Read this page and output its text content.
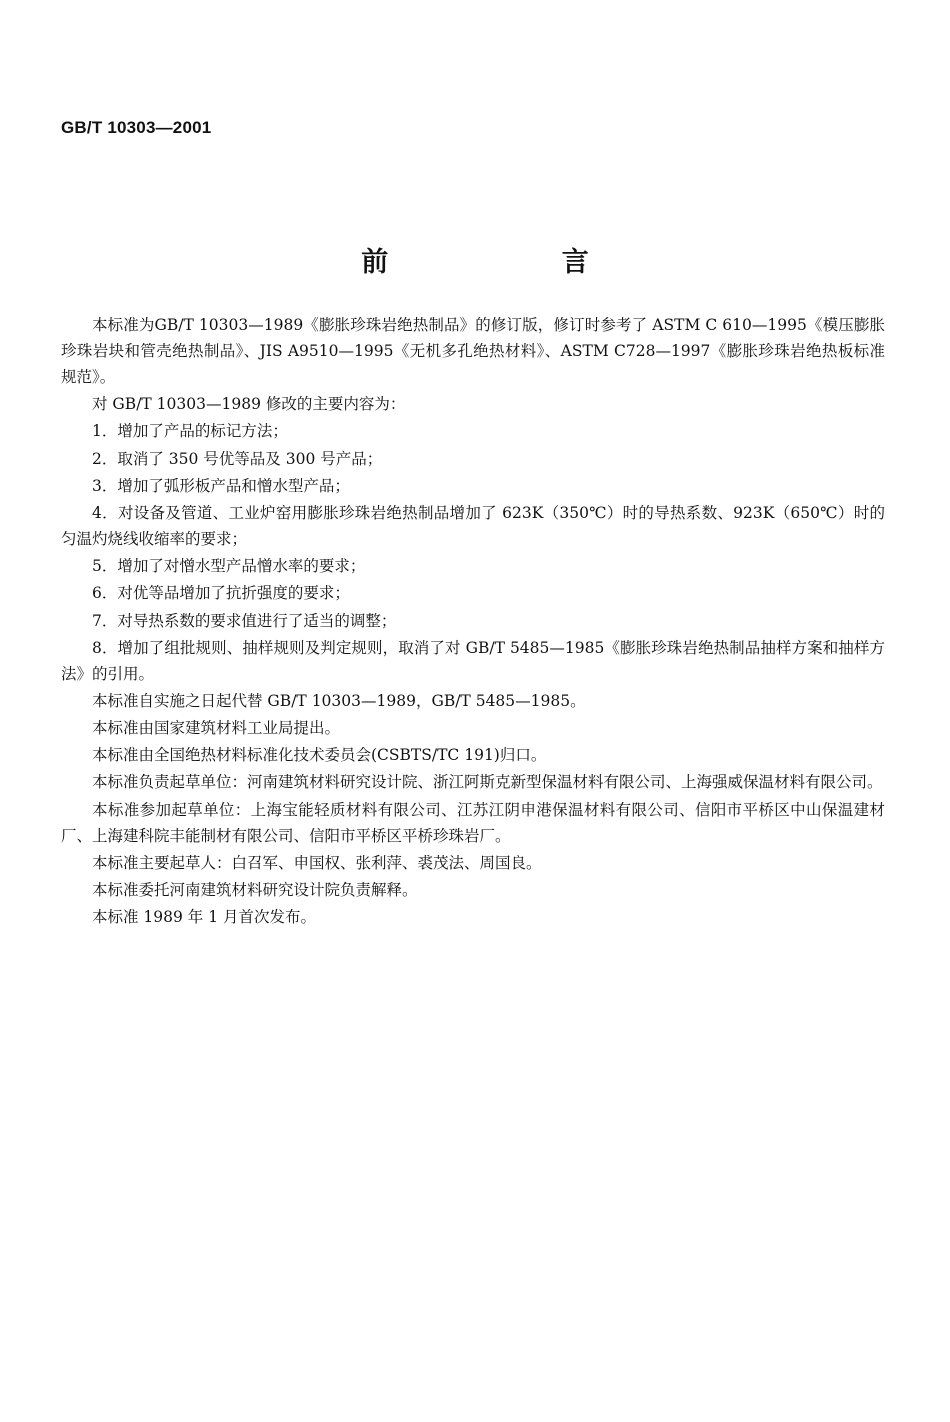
GB/T 10303—2001
前 言

本标准为GB/T 10303—1989《膨胀珍珠岩绝热制品》的修订版，修订时参考了 ASTM C 610—1995《模压膨胀珍珠岩块和管壳绝热制品》、JIS A9510—1995《无机多孔绝热材料》、ASTM C728—1997《膨胀珍珠岩绝热板标准规范》。

对 GB/T 10303—1989 修改的主要内容为：

1．增加了产品的标记方法；

2．取消了 350 号优等品及 300 号产品；

3．增加了弧形板产品和憎水型产品；

4．对设备及管道、工业炉窑用膨胀珍珠岩绝热制品增加了 623K（350℃）时的导热系数、923K（650℃）时的匀温灼烧线收缩率的要求；

5．增加了对憎水型产品憎水率的要求；

6．对优等品增加了抗折强度的要求；

7．对导热系数的要求值进行了适当的调整；

8．增加了组批规则、抽样规则及判定规则，取消了对 GB/T 5485—1985《膨胀珍珠岩绝热制品抽样方案和抽样方法》的引用。

本标准自实施之日起代替 GB/T 10303—1989，GB/T 5485—1985。

本标准由国家建筑材料工业局提出。

本标准由全国绝热材料标准化技术委员会(CSBTS/TC 191)归口。

本标准负责起草单位：河南建筑材料研究设计院、浙江阿斯克新型保温材料有限公司、上海强威保温材料有限公司。

本标准参加起草单位：上海宝能轻质材料有限公司、江苏江阴申港保温材料有限公司、信阳市平桥区中山保温建材厂、上海建科院丰能制材有限公司、信阳市平桥区平桥珍珠岩厂。

本标准主要起草人：白召军、申国权、张利萍、裘茂法、周国良。

本标准委托河南建筑材料研究设计院负责解释。

本标准 1989 年 1 月首次发布。
